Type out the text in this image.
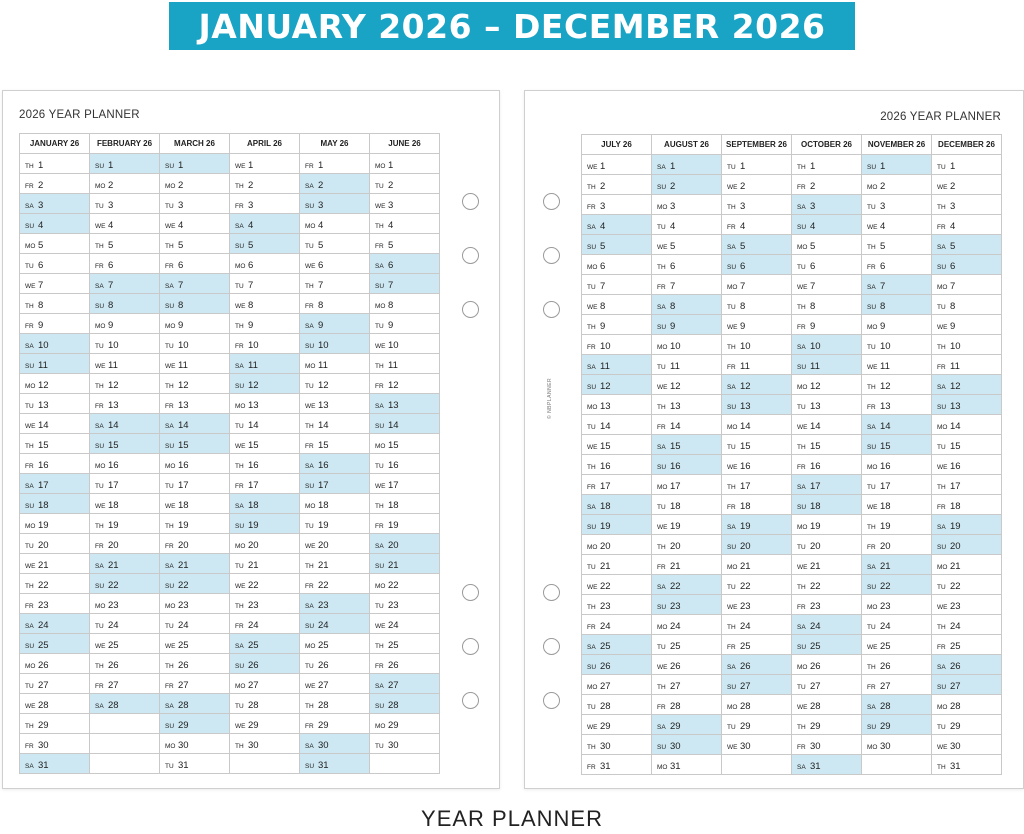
JANUARY 2026 – DECEMBER 2026
2026 YEAR PLANNER
JANUARY 26	FEBRUARY 26	MARCH 26	APRIL 26	MAY 26	JUNE 26
TH 1	SU 1	SU 1	WE 1	FR 1	MO 1
FR 2	MO 2	MO 2	TH 2	SA 2	TU 2
SA 3	TU 3	TU 3	FR 3	SU 3	WE 3
SU 4	WE 4	WE 4	SA 4	MO 4	TH 4
MO 5	TH 5	TH 5	SU 5	TU 5	FR 5
TU 6	FR 6	FR 6	MO 6	WE 6	SA 6
WE 7	SA 7	SA 7	TU 7	TH 7	SU 7
TH 8	SU 8	SU 8	WE 8	FR 8	MO 8
FR 9	MO 9	MO 9	TH 9	SA 9	TU 9
SA 10	TU 10	TU 10	FR 10	SU 10	WE 10
SU 11	WE 11	WE 11	SA 11	MO 11	TH 11
MO 12	TH 12	TH 12	SU 12	TU 12	FR 12
TU 13	FR 13	FR 13	MO 13	WE 13	SA 13
WE 14	SA 14	SA 14	TU 14	TH 14	SU 14
TH 15	SU 15	SU 15	WE 15	FR 15	MO 15
FR 16	MO 16	MO 16	TH 16	SA 16	TU 16
SA 17	TU 17	TU 17	FR 17	SU 17	WE 17
SU 18	WE 18	WE 18	SA 18	MO 18	TH 18
MO 19	TH 19	TH 19	SU 19	TU 19	FR 19
TU 20	FR 20	FR 20	MO 20	WE 20	SA 20
WE 21	SA 21	SA 21	TU 21	TH 21	SU 21
TH 22	SU 22	SU 22	WE 22	FR 22	MO 22
FR 23	MO 23	MO 23	TH 23	SA 23	TU 23
SA 24	TU 24	TU 24	FR 24	SU 24	WE 24
SU 25	WE 25	WE 25	SA 25	MO 25	TH 25
MO 26	TH 26	TH 26	SU 26	TU 26	FR 26
TU 27	FR 27	FR 27	MO 27	WE 27	SA 27
WE 28	SA 28	SA 28	TU 28	TH 28	SU 28
TH 29		SU 29	WE 29	FR 29	MO 29
FR 30		MO 30	TH 30	SA 30	TU 30
SA 31		TU 31		SU 31	
2026 YEAR PLANNER
JULY 26	AUGUST 26	SEPTEMBER 26	OCTOBER 26	NOVEMBER 26	DECEMBER 26
WE 1	SA 1	TU 1	TH 1	SU 1	TU 1
TH 2	SU 2	WE 2	FR 2	MO 2	WE 2
FR 3	MO 3	TH 3	SA 3	TU 3	TH 3
SA 4	TU 4	FR 4	SU 4	WE 4	FR 4
SU 5	WE 5	SA 5	MO 5	TH 5	SA 5
MO 6	TH 6	SU 6	TU 6	FR 6	SU 6
TU 7	FR 7	MO 7	WE 7	SA 7	MO 7
WE 8	SA 8	TU 8	TH 8	SU 8	TU 8
TH 9	SU 9	WE 9	FR 9	MO 9	WE 9
FR 10	MO 10	TH 10	SA 10	TU 10	TH 10
SA 11	TU 11	FR 11	SU 11	WE 11	FR 11
SU 12	WE 12	SA 12	MO 12	TH 12	SA 12
MO 13	TH 13	SU 13	TU 13	FR 13	SU 13
TU 14	FR 14	MO 14	WE 14	SA 14	MO 14
WE 15	SA 15	TU 15	TH 15	SU 15	TU 15
TH 16	SU 16	WE 16	FR 16	MO 16	WE 16
FR 17	MO 17	TH 17	SA 17	TU 17	TH 17
SA 18	TU 18	FR 18	SU 18	WE 18	FR 18
SU 19	WE 19	SA 19	MO 19	TH 19	SA 19
MO 20	TH 20	SU 20	TU 20	FR 20	SU 20
TU 21	FR 21	MO 21	WE 21	SA 21	MO 21
WE 22	SA 22	TU 22	TH 22	SU 22	TU 22
TH 23	SU 23	WE 23	FR 23	MO 23	WE 23
FR 24	MO 24	TH 24	SA 24	TU 24	TH 24
SA 25	TU 25	FR 25	SU 25	WE 25	FR 25
SU 26	WE 26	SA 26	MO 26	TH 26	SA 26
MO 27	TH 27	SU 27	TU 27	FR 27	SU 27
TU 28	FR 28	MO 28	WE 28	SA 28	MO 28
WE 29	SA 29	TU 29	TH 29	SU 29	TU 29
TH 30	SU 30	WE 30	FR 30	MO 30	WE 30
FR 31	MO 31		SA 31		TH 31
© NBPLANNER
YEAR PLANNER
